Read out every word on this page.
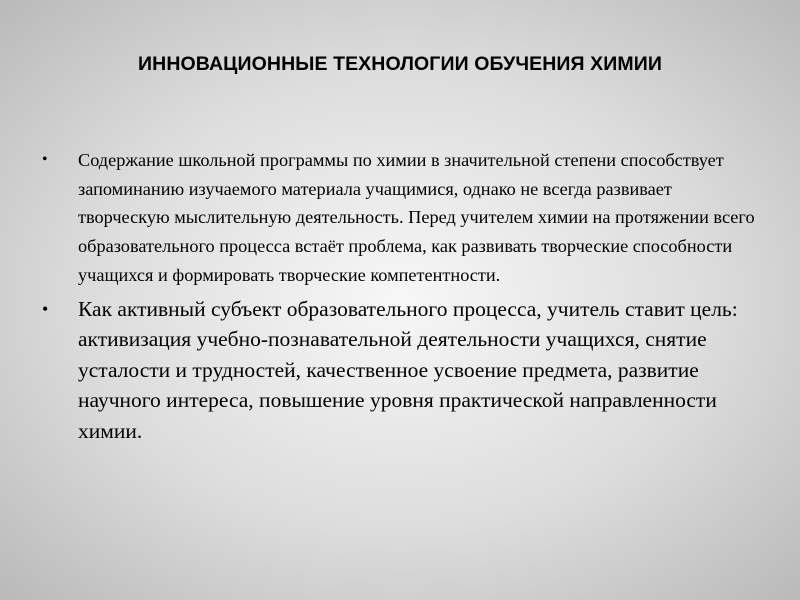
ИННОВАЦИОННЫЕ ТЕХНОЛОГИИ ОБУЧЕНИЯ ХИМИИ
• Содержание школьной программы по химии в значительной степени способствует запоминанию изучаемого материала учащимися, однако не всегда развивает творческую мыслительную деятельность. Перед учителем химии на протяжении всего образовательного процесса встаёт проблема, как развивать творческие способности учащихся и формировать творческие компетентности.
• Как активный субъект образовательного процесса, учитель ставит цель: активизация учебно-познавательной деятельности учащихся, снятие усталости и трудностей, качественное усвоение предмета, развитие научного интереса, повышение уровня практической направленности химии.
